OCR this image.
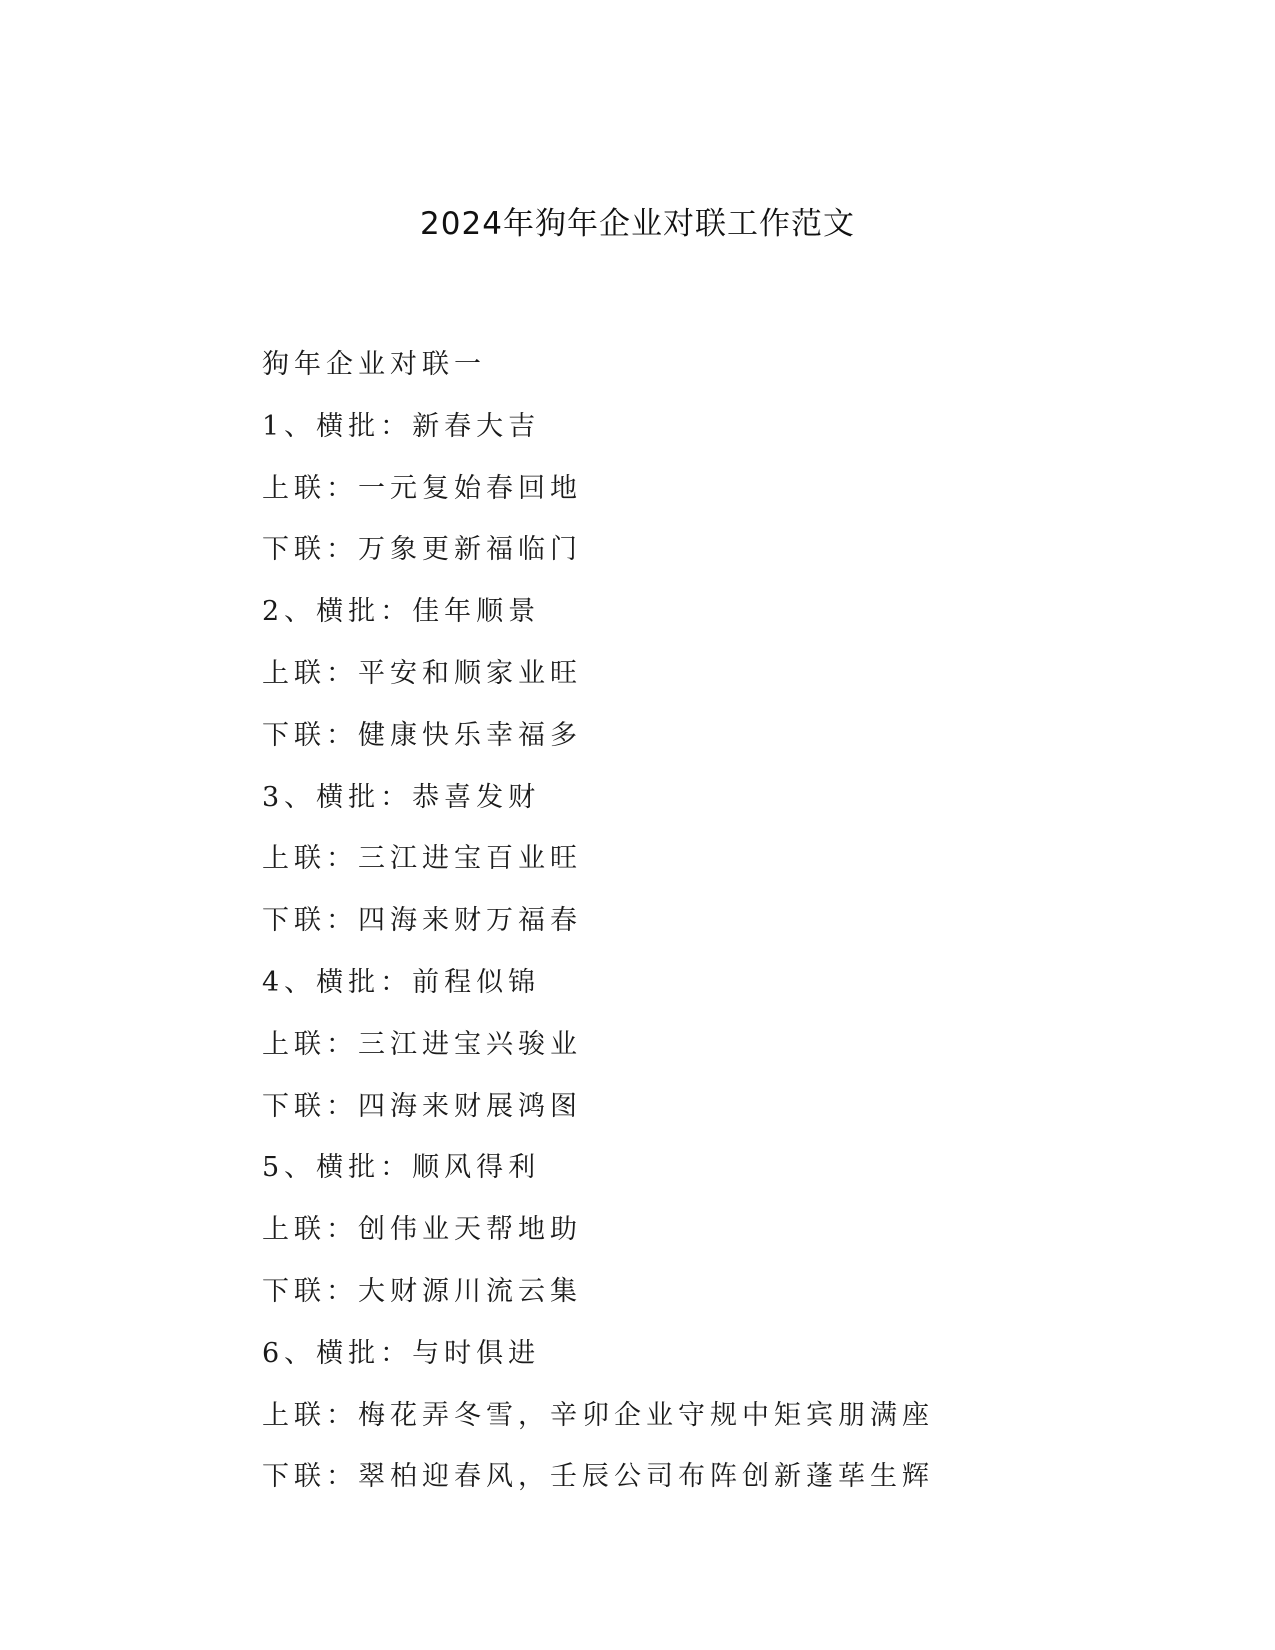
2024年狗年企业对联工作范文
狗年企业对联一
1、横批：新春大吉
上联：一元复始春回地
下联：万象更新福临门
2、横批：佳年顺景
上联：平安和顺家业旺
下联：健康快乐幸福多
3、横批：恭喜发财
上联：三江进宝百业旺
下联：四海来财万福春
4、横批：前程似锦
上联：三江进宝兴骏业
下联：四海来财展鸿图
5、横批：顺风得利
上联：创伟业天帮地助
下联：大财源川流云集
6、横批：与时俱进
上联：梅花弄冬雪，辛卯企业守规中矩宾朋满座
下联：翠柏迎春风，壬辰公司布阵创新蓬荜生辉
